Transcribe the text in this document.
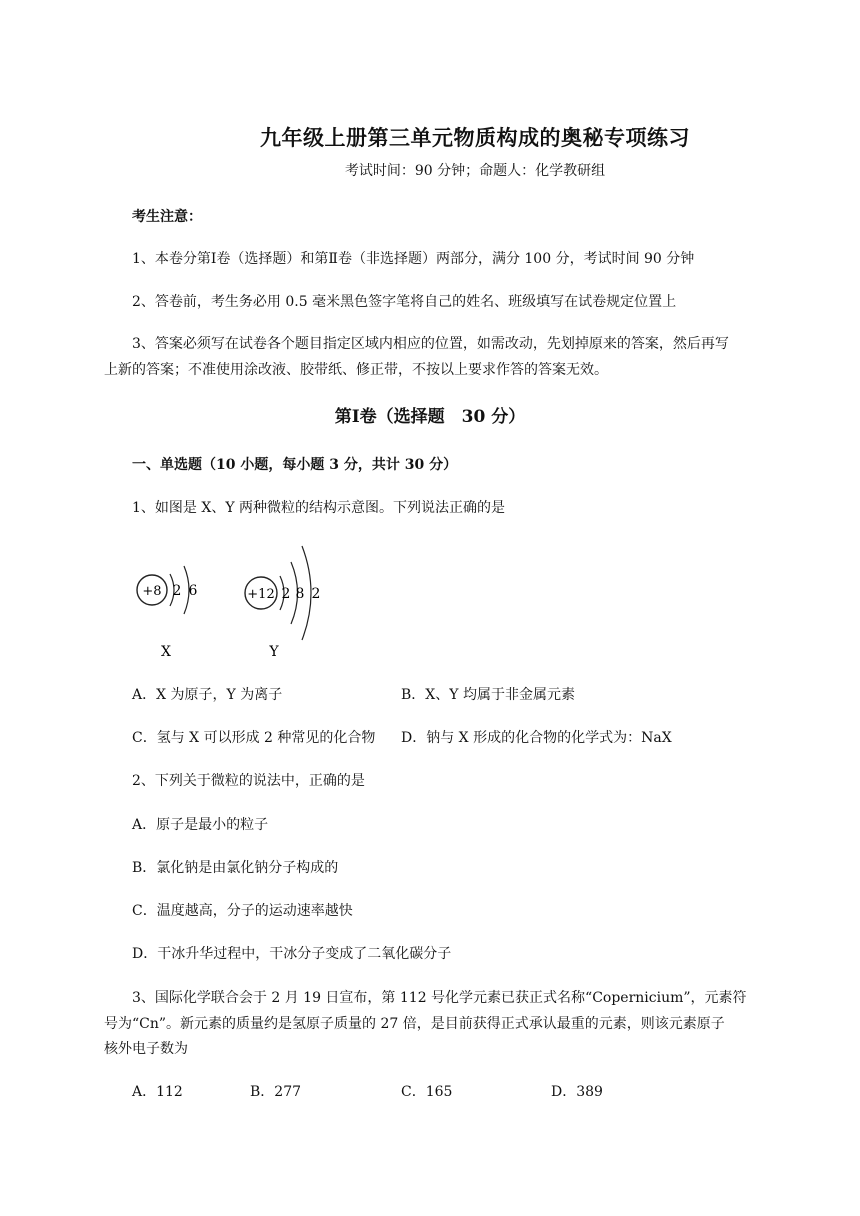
九年级上册第三单元物质构成的奥秘专项练习
考试时间：90 分钟；命题人：化学教研组
考生注意：
1、本卷分第Ⅰ卷（选择题）和第Ⅱ卷（非选择题）两部分，满分 100 分，考试时间 90 分钟
2、答卷前，考生务必用 0.5 毫米黑色签字笔将自己的姓名、班级填写在试卷规定位置上
3、答案必须写在试卷各个题目指定区域内相应的位置，如需改动，先划掉原来的答案，然后再写
上新的答案；不准使用涂改液、胶带纸、修正带，不按以上要求作答的答案无效。
第Ⅰ卷（选择题　30 分）
一、单选题（10 小题，每小题 3 分，共计 30 分）
1、如图是 X、Y 两种微粒的结构示意图。下列说法正确的是
+8 2 6
X
+12 2 8 2
Y
A．X 为原子，Y 为离子	B．X、Y 均属于非金属元素
C．氢与 X 可以形成 2 种常见的化合物 D．钠与 X 形成的化合物的化学式为：NaX
2、下列关于微粒的说法中，正确的是
A．原子是最小的粒子
B．氯化钠是由氯化钠分子构成的
C．温度越高，分子的运动速率越快
D．干冰升华过程中，干冰分子变成了二氧化碳分子
3、国际化学联合会于 2 月 19 日宣布，第 112 号化学元素已获正式名称“Copernicium”，元素符
号为“Cn”。新元素的质量约是氢原子质量的 27 倍，是目前获得正式承认最重的元素，则该元素原子
核外电子数为
A．112	B．277	C．165	D．389
